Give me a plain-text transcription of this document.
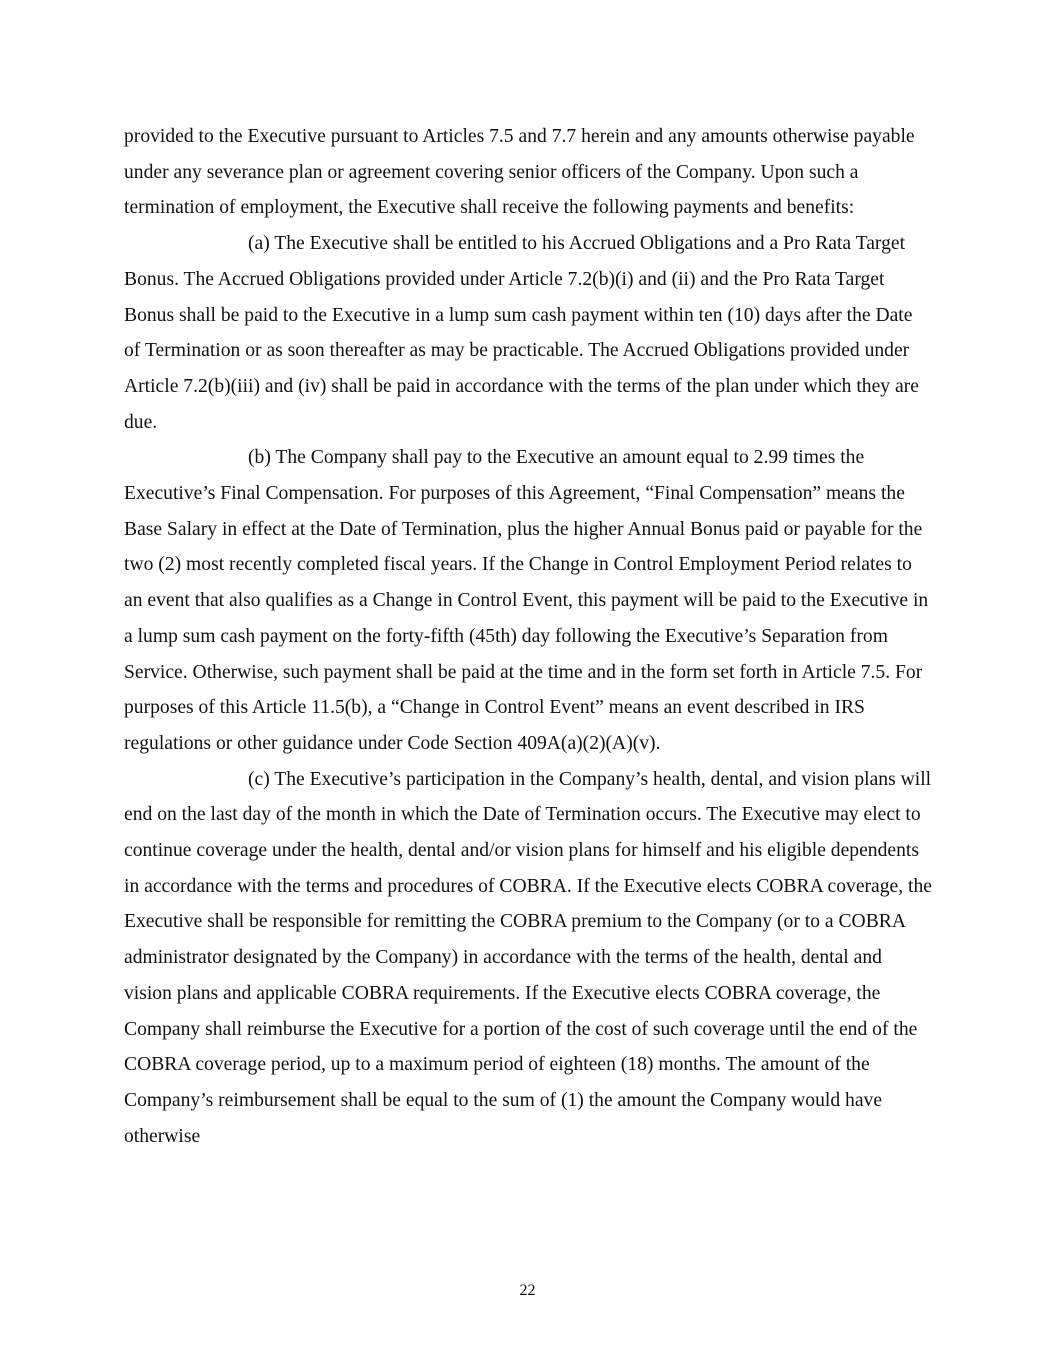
provided to the Executive pursuant to Articles 7.5 and 7.7 herein and any amounts otherwise payable under any severance plan or agreement covering senior officers of the Company. Upon such a termination of employment, the Executive shall receive the following payments and benefits:

(a) The Executive shall be entitled to his Accrued Obligations and a Pro Rata Target Bonus. The Accrued Obligations provided under Article 7.2(b)(i) and (ii) and the Pro Rata Target Bonus shall be paid to the Executive in a lump sum cash payment within ten (10) days after the Date of Termination or as soon thereafter as may be practicable. The Accrued Obligations provided under Article 7.2(b)(iii) and (iv) shall be paid in accordance with the terms of the plan under which they are due.

(b) The Company shall pay to the Executive an amount equal to 2.99 times the Executive’s Final Compensation. For purposes of this Agreement, “Final Compensation” means the Base Salary in effect at the Date of Termination, plus the higher Annual Bonus paid or payable for the two (2) most recently completed fiscal years. If the Change in Control Employment Period relates to an event that also qualifies as a Change in Control Event, this payment will be paid to the Executive in a lump sum cash payment on the forty-fifth (45th) day following the Executive’s Separation from Service. Otherwise, such payment shall be paid at the time and in the form set forth in Article 7.5. For purposes of this Article 11.5(b), a “Change in Control Event” means an event described in IRS regulations or other guidance under Code Section 409A(a)(2)(A)(v).

(c) The Executive’s participation in the Company’s health, dental, and vision plans will end on the last day of the month in which the Date of Termination occurs. The Executive may elect to continue coverage under the health, dental and/or vision plans for himself and his eligible dependents in accordance with the terms and procedures of COBRA. If the Executive elects COBRA coverage, the Executive shall be responsible for remitting the COBRA premium to the Company (or to a COBRA administrator designated by the Company) in accordance with the terms of the health, dental and vision plans and applicable COBRA requirements. If the Executive elects COBRA coverage, the Company shall reimburse the Executive for a portion of the cost of such coverage until the end of the COBRA coverage period, up to a maximum period of eighteen (18) months. The amount of the Company’s reimbursement shall be equal to the sum of (1) the amount the Company would have otherwise

22
